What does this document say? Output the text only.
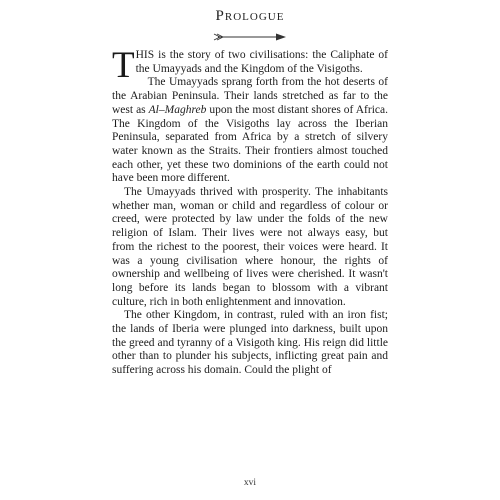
Prologue

THIS is the story of two civilisations: the Caliphate of the Umayyads and the Kingdom of the Visigoths.

The Umayyads sprang forth from the hot deserts of the Arabian Peninsula. Their lands stretched as far to the west as Al–Maghreb upon the most distant shores of Africa. The Kingdom of the Visigoths lay across the Iberian Peninsula, separated from Africa by a stretch of silvery water known as the Straits. Their frontiers almost touched each other, yet these two dominions of the earth could not have been more different.

The Umayyads thrived with prosperity. The inhabitants whether man, woman or child and regardless of colour or creed, were protected by law under the folds of the new religion of Islam. Their lives were not always easy, but from the richest to the poorest, their voices were heard. It was a young civilisation where honour, the rights of ownership and wellbeing of lives were cherished. It wasn't long before its lands began to blossom with a vibrant culture, rich in both enlightenment and innovation.

The other Kingdom, in contrast, ruled with an iron fist; the lands of Iberia were plunged into darkness, built upon the greed and tyranny of a Visigoth king. His reign did little other than to plunder his subjects, inflicting great pain and suffering across his domain. Could the plight of

xvi
